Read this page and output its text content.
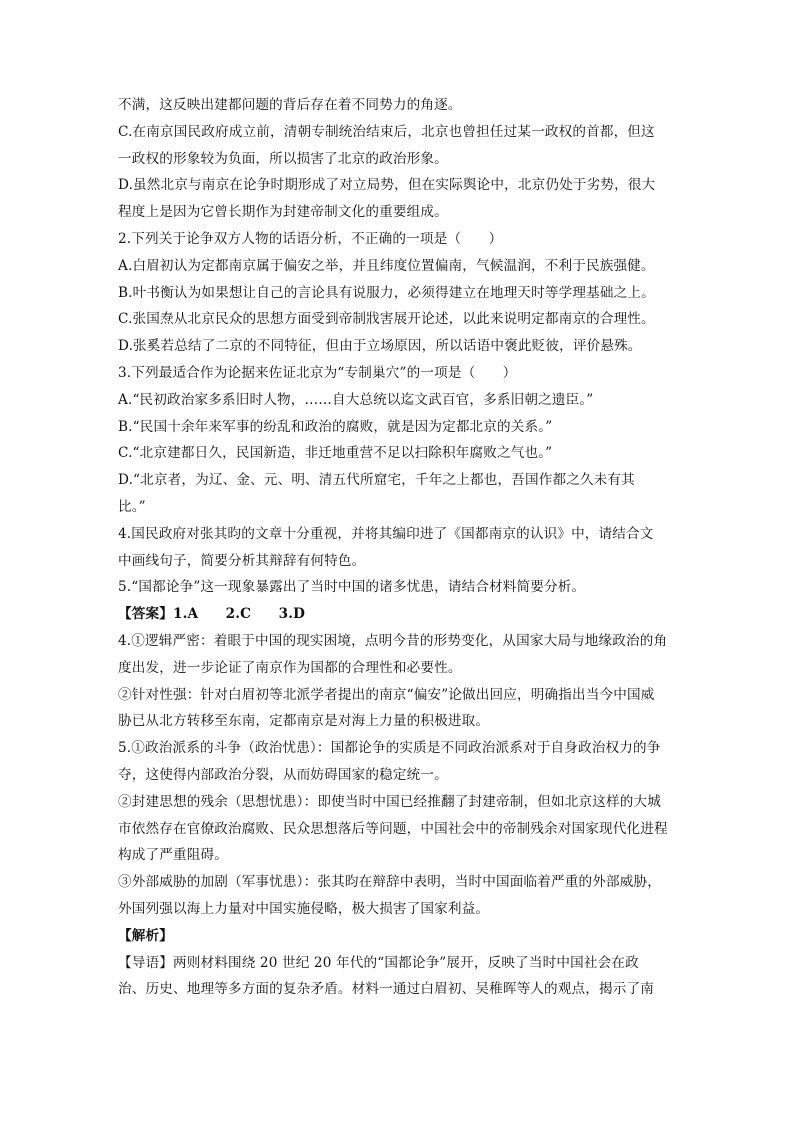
不满，这反映出建都问题的背后存在着不同势力的角逐。
C.在南京国民政府成立前，清朝专制统治结束后，北京也曾担任过某一政权的首都，但这
一政权的形象较为负面，所以损害了北京的政治形象。
D.虽然北京与南京在论争时期形成了对立局势，但在实际舆论中，北京仍处于劣势，很大
程度上是因为它曾长期作为封建帝制文化的重要组成。
2.下列关于论争双方人物的话语分析，不正确的一项是（　　）
A.白眉初认为定都南京属于偏安之举，并且纬度位置偏南，气候温润，不利于民族强健。
B.叶书衡认为如果想让自己的言论具有说服力，必须得建立在地理天时等学理基础之上。
C.张国焘从北京民众的思想方面受到帝制戕害展开论述，以此来说明定都南京的合理性。
D.张奚若总结了二京的不同特征，但由于立场原因，所以话语中褒此贬彼，评价悬殊。
3.下列最适合作为论据来佐证北京为“专制巢穴”的一项是（　　）
A.“民初政治家多系旧时人物，……自大总统以迄文武百官，多系旧朝之遗臣。”
B.“民国十余年来军事的纷乱和政治的腐败，就是因为定都北京的关系。”
C.“北京建都日久，民国新造，非迁地重营不足以扫除积年腐败之气也。”
D.“北京者，为辽、金、元、明、清五代所窟宅，千年之上都也，吾国作都之久未有其
比。”
4.国民政府对张其昀的文章十分重视，并将其编印进了《国都南京的认识》中，请结合文
中画线句子，简要分析其辩辞有何特色。
5.“国都论争”这一现象暴露出了当时中国的诸多忧患，请结合材料简要分析。
【答案】1.A　　2.C　　3.D
4.①逻辑严密：着眼于中国的现实困境，点明今昔的形势变化，从国家大局与地缘政治的角
度出发，进一步论证了南京作为国都的合理性和必要性。
②针对性强：针对白眉初等北派学者提出的南京“偏安”论做出回应，明确指出当今中国威
胁已从北方转移至东南，定都南京是对海上力量的积极进取。
5.①政治派系的斗争（政治忧患）：国都论争的实质是不同政治派系对于自身政治权力的争
夺，这使得内部政治分裂，从而妨碍国家的稳定统一。
②封建思想的残余（思想忧患）：即使当时中国已经推翻了封建帝制，但如北京这样的大城
市依然存在官僚政治腐败、民众思想落后等问题，中国社会中的帝制残余对国家现代化进程
构成了严重阻碍。
③外部威胁的加剧（军事忧患）：张其昀在辩辞中表明，当时中国面临着严重的外部威胁，
外国列强以海上力量对中国实施侵略，极大损害了国家利益。
【解析】
【导语】两则材料围绕 20 世纪 20 年代的“国都论争”展开，反映了当时中国社会在政
治、历史、地理等多方面的复杂矛盾。材料一通过白眉初、吴稚晖等人的观点，揭示了南
